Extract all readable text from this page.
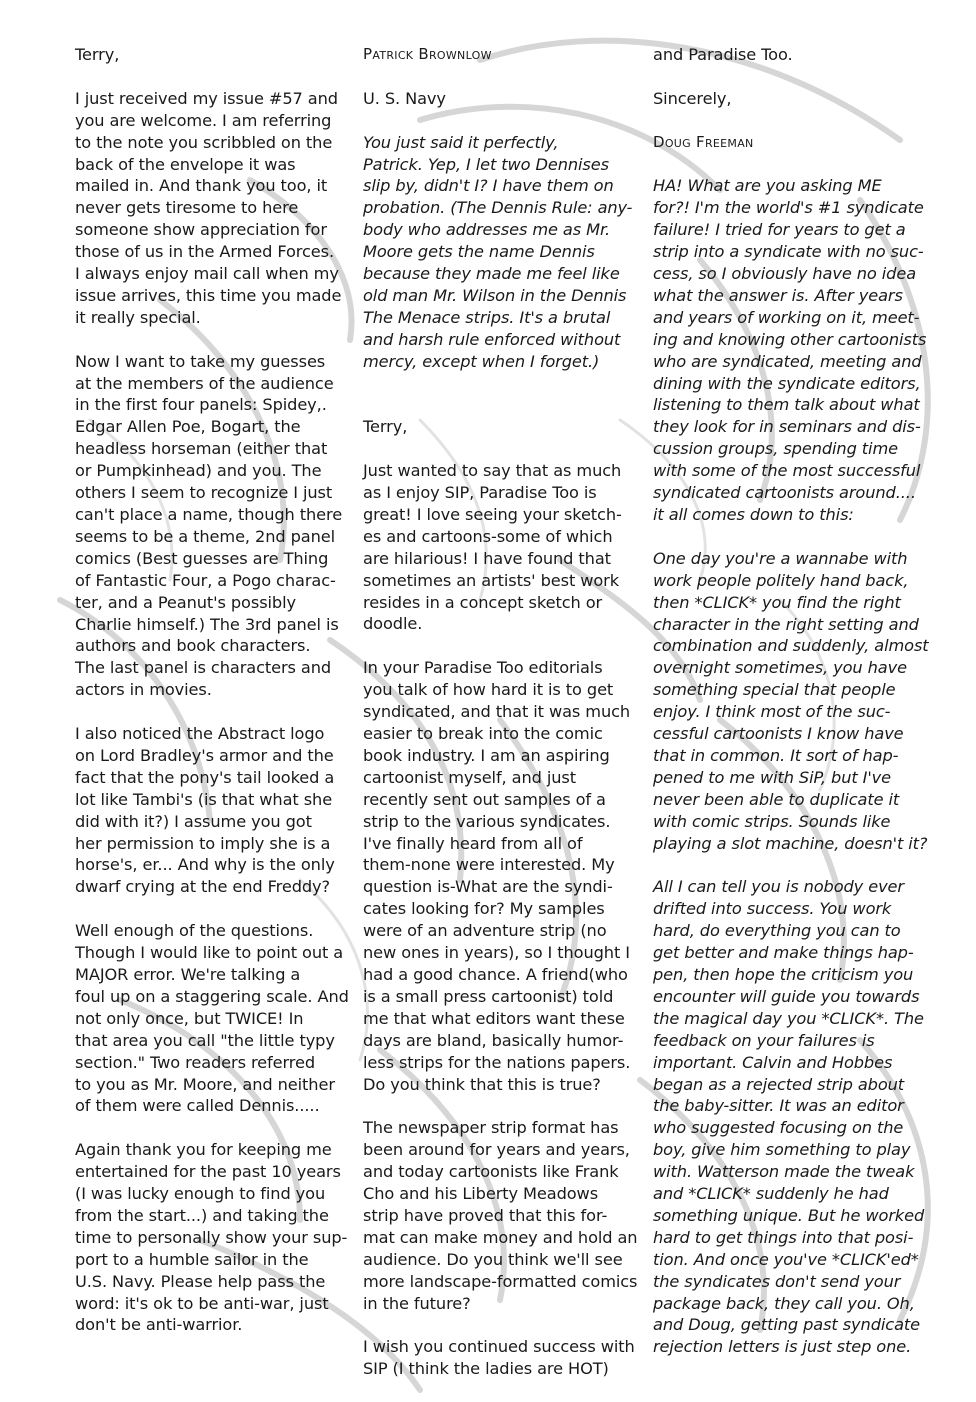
Terry,

I just received my issue #57 and
you are welcome. I am referring
to the note you scribbled on the
back of the envelope it was
mailed in. And thank you too, it
never gets tiresome to here
someone show appreciation for
those of us in the Armed Forces.
I always enjoy mail call when my
issue arrives, this time you made
it really special.

Now I want to take my guesses
at the members of the audience
in the first four panels: Spidey,.
Edgar Allen Poe, Bogart, the
headless horseman (either that
or Pumpkinhead) and you. The
others I seem to recognize I just
can't place a name, though there
seems to be a theme, 2nd panel
comics (Best guesses are Thing
of Fantastic Four, a Pogo charac-
ter, and a Peanut's possibly
Charlie himself.) The 3rd panel is
authors and book characters.
The last panel is characters and
actors in movies.

I also noticed the Abstract logo
on Lord Bradley's armor and the
fact that the pony's tail looked a
lot like Tambi's (is that what she
did with it?) I assume you got
her permission to imply she is a
horse's, er... And why is the only
dwarf crying at the end Freddy?

Well enough of the questions.
Though I would like to point out a
MAJOR error. We're talking a
foul up on a staggering scale. And
not only once, but TWICE! In
that area you call "the little typy
section." Two readers referred
to you as Mr. Moore, and neither
of them were called Dennis.....

Again thank you for keeping me
entertained for the past 10 years
(I was lucky enough to find you
from the start...) and taking the
time to personally show your sup-
port to a humble sailor in the
U.S. Navy. Please help pass the
word: it's ok to be anti-war, just
don't be anti-warrior.

Patrick Brownlow

U. S. Navy

You just said it perfectly,
Patrick. Yep, I let two Dennises
slip by, didn't I? I have them on
probation. (The Dennis Rule: any-
body who addresses me as Mr.
Moore gets the name Dennis
because they made me feel like
old man Mr. Wilson in the Dennis
The Menace strips. It's a brutal
and harsh rule enforced without
mercy, except when I forget.)

Terry,

Just wanted to say that as much
as I enjoy SIP, Paradise Too is
great! I love seeing your sketch-
es and cartoons-some of which
are hilarious! I have found that
sometimes an artists' best work
resides in a concept sketch or
doodle.

In your Paradise Too editorials
you talk of how hard it is to get
syndicated, and that it was much
easier to break into the comic
book industry. I am an aspiring
cartoonist myself, and just
recently sent out samples of a
strip to the various syndicates.
I've finally heard from all of
them-none were interested. My
question is-What are the syndi-
cates looking for? My samples
were of an adventure strip (no
new ones in years), so I thought I
had a good chance. A friend(who
is a small press cartoonist) told
me that what editors want these
days are bland, basically humor-
less strips for the nations papers.
Do you think that this is true?

The newspaper strip format has
been around for years and years,
and today cartoonists like Frank
Cho and his Liberty Meadows
strip have proved that this for-
mat can make money and hold an
audience. Do you think we'll see
more landscape-formatted comics
in the future?

I wish you continued success with
SIP (I think the ladies are HOT)

and Paradise Too.

Sincerely,

Doug Freeman

HA! What are you asking ME
for?! I'm the world's #1 syndicate
failure! I tried for years to get a
strip into a syndicate with no suc-
cess, so I obviously have no idea
what the answer is. After years
and years of working on it, meet-
ing and knowing other cartoonists
who are syndicated, meeting and
dining with the syndicate editors,
listening to them talk about what
they look for in seminars and dis-
cussion groups, spending time
with some of the most successful
syndicated cartoonists around....
it all comes down to this:

One day you're a wannabe with
work people politely hand back,
then *CLICK* you find the right
character in the right setting and
combination and suddenly, almost
overnight sometimes, you have
something special that people
enjoy. I think most of the suc-
cessful cartoonists I know have
that in common. It sort of hap-
pened to me with SiP, but I've
never been able to duplicate it
with comic strips. Sounds like
playing a slot machine, doesn't it?

All I can tell you is nobody ever
drifted into success. You work
hard, do everything you can to
get better and make things hap-
pen, then hope the criticism you
encounter will guide you towards
the magical day you *CLICK*. The
feedback on your failures is
important. Calvin and Hobbes
began as a rejected strip about
the baby-sitter. It was an editor
who suggested focusing on the
boy, give him something to play
with. Watterson made the tweak
and *CLICK* suddenly he had
something unique. But he worked
hard to get things into that posi-
tion. And once you've *CLICK'ed*
the syndicates don't send your
package back, they call you. Oh,
and Doug, getting past syndicate
rejection letters is just step one.
